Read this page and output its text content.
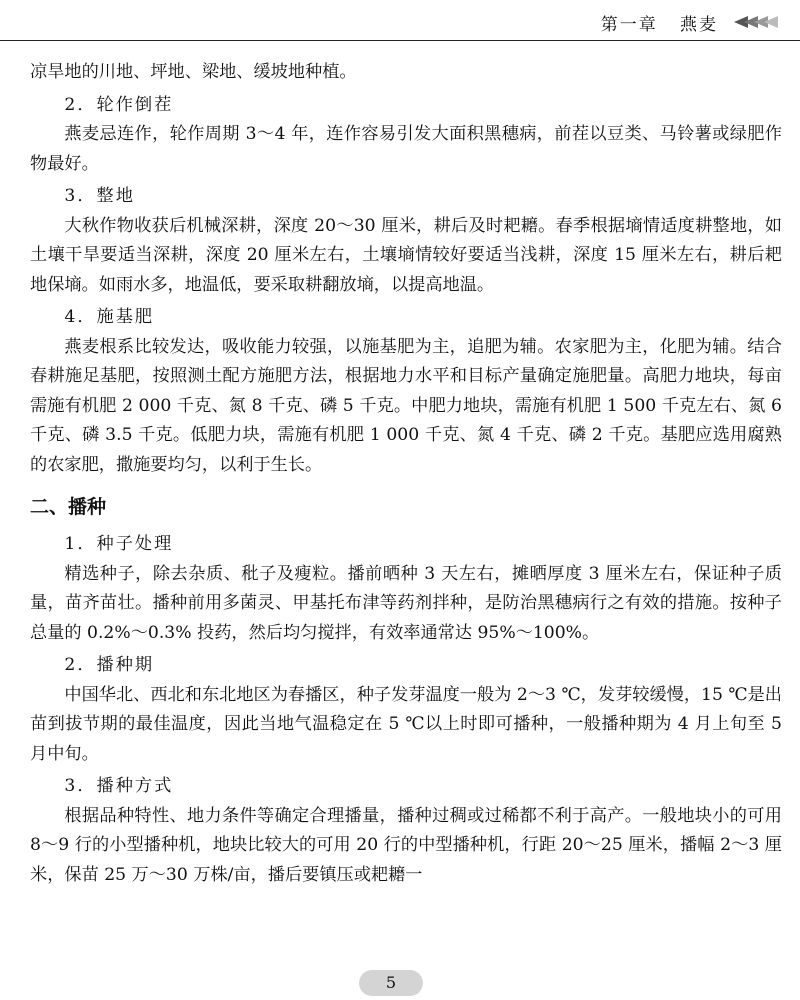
第一章 燕麦

凉旱地的川地、坪地、梁地、缓坡地种植。

2．轮作倒茬

燕麦忌连作，轮作周期 3～4 年，连作容易引发大面积黑穗病，前茬以豆类、马铃薯或绿肥作物最好。

3．整地

大秋作物收获后机械深耕，深度 20～30 厘米，耕后及时耙耱。春季根据墒情适度耕整地，如土壤干旱要适当深耕，深度 20 厘米左右，土壤墒情较好要适当浅耕，深度 15 厘米左右，耕后耙地保墒。如雨水多，地温低，要采取耕翻放墒，以提高地温。

4．施基肥

燕麦根系比较发达，吸收能力较强，以施基肥为主，追肥为辅。农家肥为主，化肥为辅。结合春耕施足基肥，按照测土配方施肥方法，根据地力水平和目标产量确定施肥量。高肥力地块，每亩需施有机肥 2 000 千克、氮 8 千克、磷 5 千克。中肥力地块，需施有机肥 1 500 千克左右、氮 6 千克、磷 3.5 千克。低肥力块，需施有机肥 1 000 千克、氮 4 千克、磷 2 千克。基肥应选用腐熟的农家肥，撒施要均匀，以利于生长。

二、播种

1．种子处理

精选种子，除去杂质、秕子及瘦粒。播前晒种 3 天左右，摊晒厚度 3 厘米左右，保证种子质量，苗齐苗壮。播种前用多菌灵、甲基托布津等药剂拌种，是防治黑穗病行之有效的措施。按种子总量的 0.2%～0.3% 投药，然后均匀搅拌，有效率通常达 95%～100%。

2．播种期

中国华北、西北和东北地区为春播区，种子发芽温度一般为 2～3 ℃，发芽较缓慢，15 ℃是出苗到拔节期的最佳温度，因此当地气温稳定在 5 ℃以上时即可播种，一般播种期为 4 月上旬至 5 月中旬。

3．播种方式

根据品种特性、地力条件等确定合理播量，播种过稠或过稀都不利于高产。一般地块小的可用 8～9 行的小型播种机，地块比较大的可用 20 行的中型播种机，行距 20～25 厘米，播幅 2～3 厘米，保苗 25 万～30 万株/亩，播后要镇压或耙耱一

5
